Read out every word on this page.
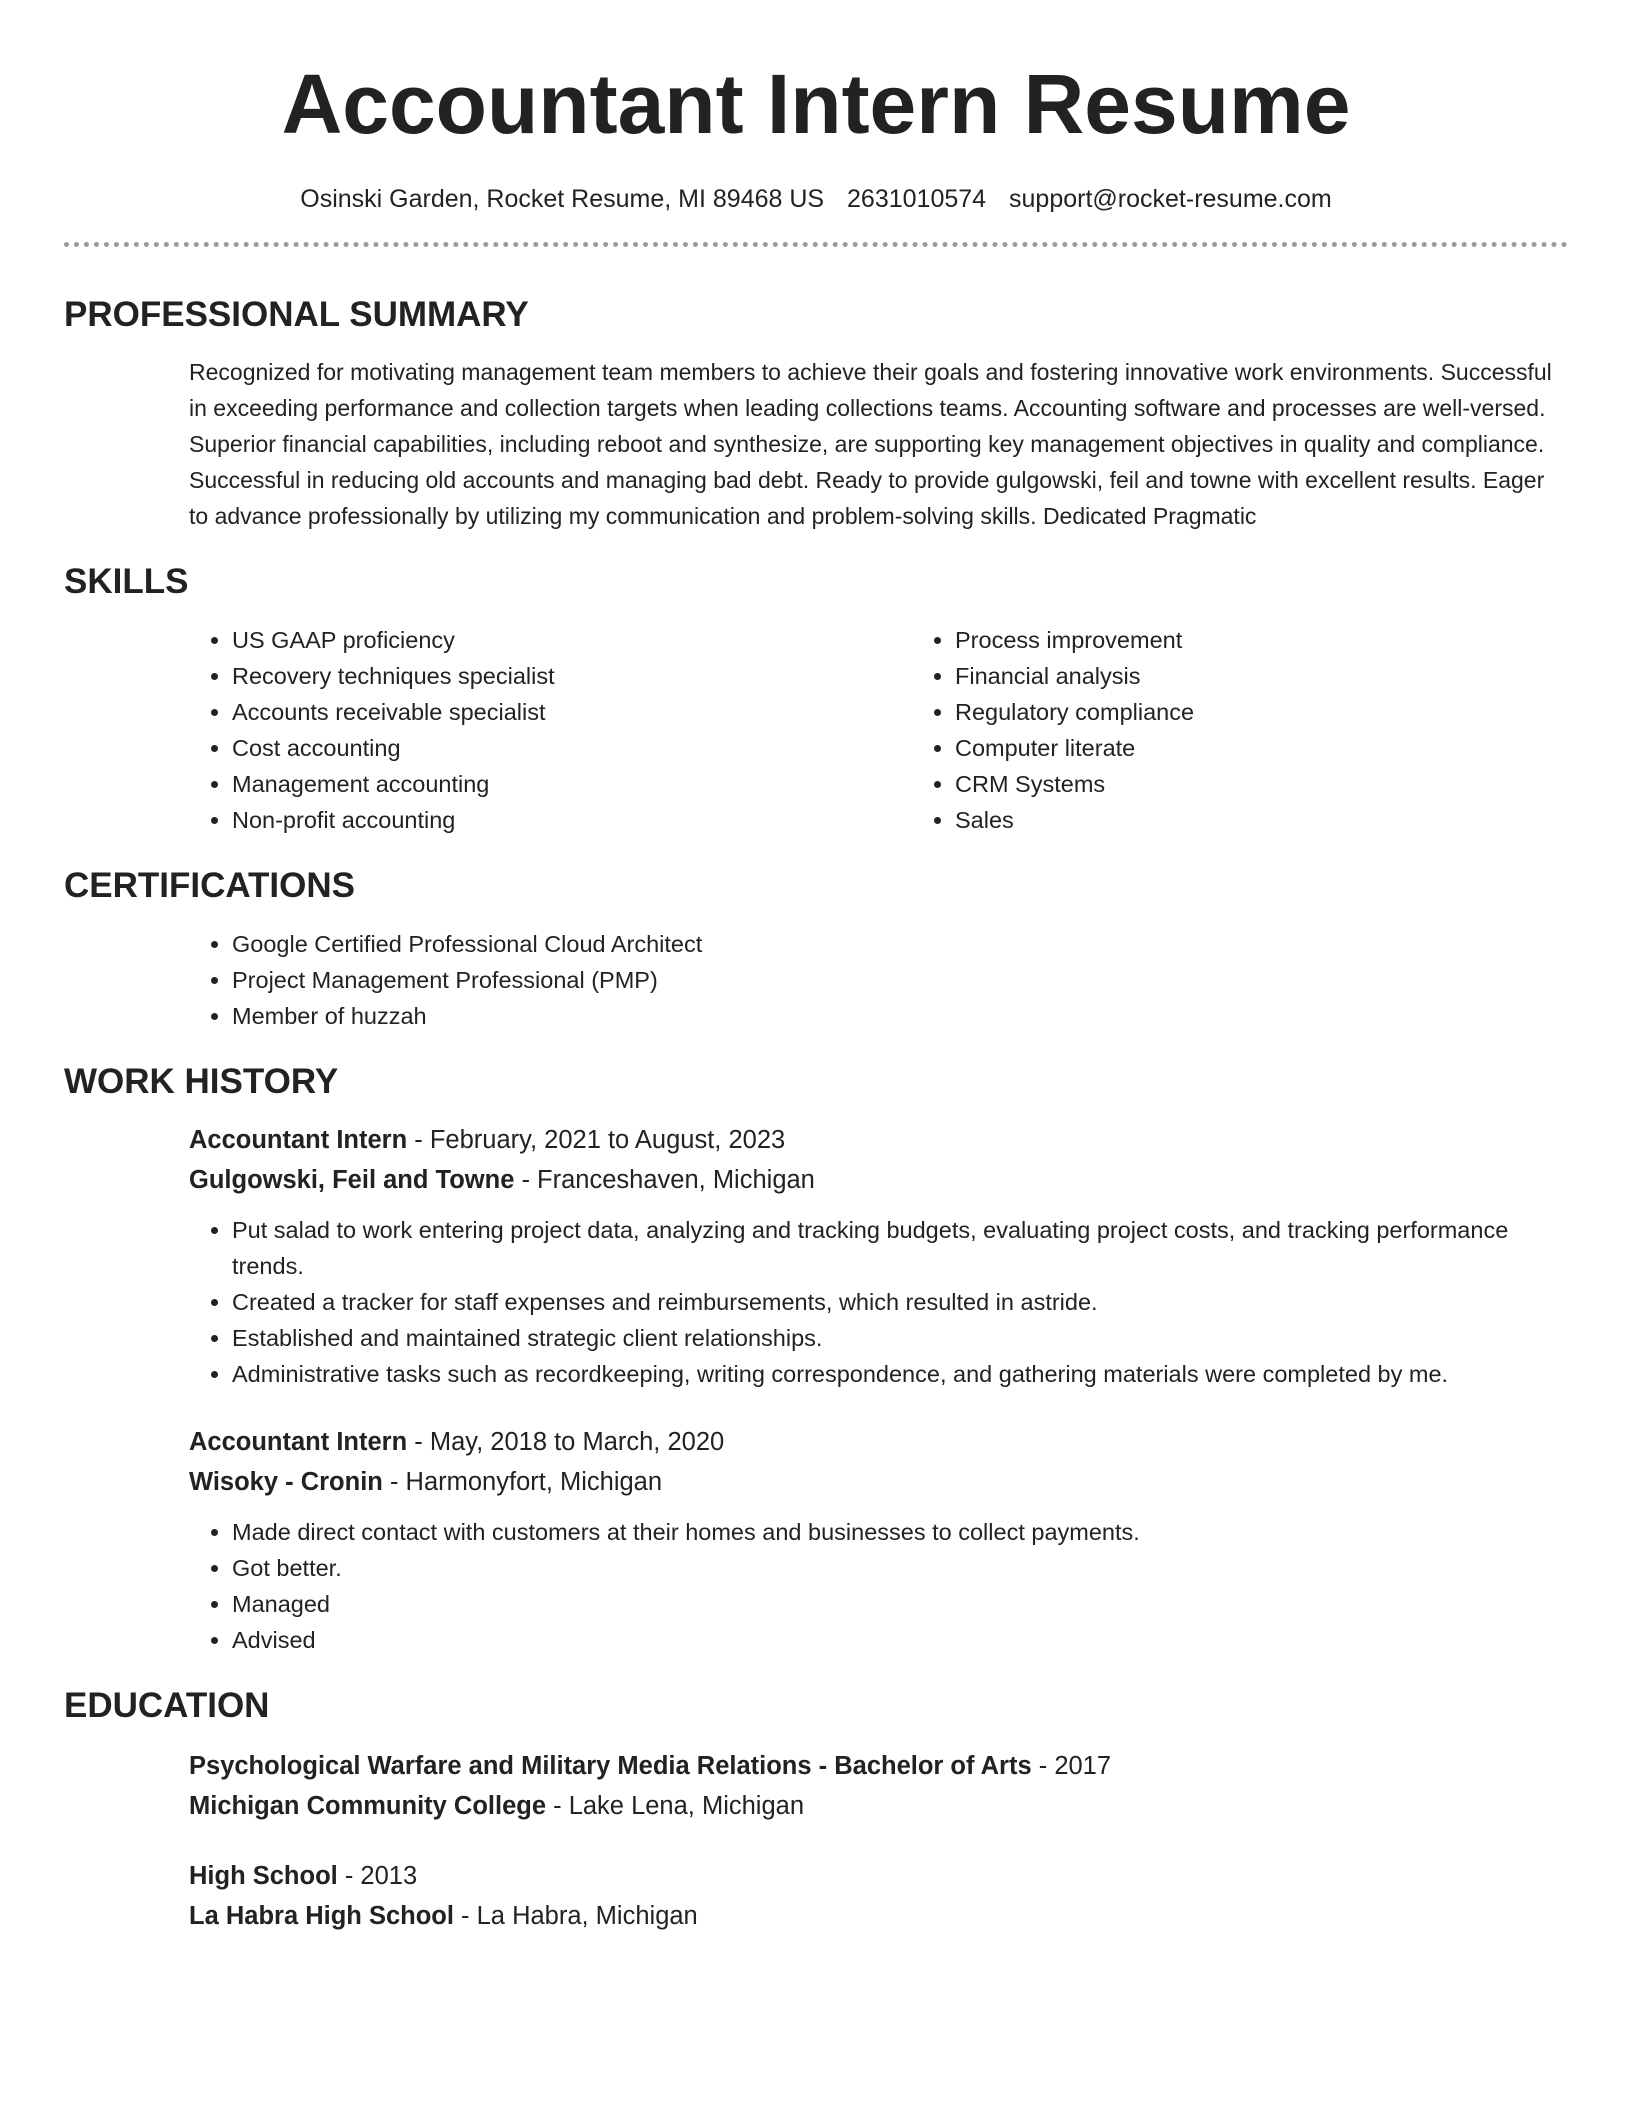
Accountant Intern Resume
Osinski Garden, Rocket Resume, MI 89468 US 2631010574 support@rocket-resume.com
PROFESSIONAL SUMMARY
Recognized for motivating management team members to achieve their goals and fostering innovative work environments. Successful in exceeding performance and collection targets when leading collections teams. Accounting software and processes are well-versed. Superior financial capabilities, including reboot and synthesize, are supporting key management objectives in quality and compliance. Successful in reducing old accounts and managing bad debt. Ready to provide gulgowski, feil and towne with excellent results. Eager to advance professionally by utilizing my communication and problem-solving skills. Dedicated Pragmatic
SKILLS
• US GAAP proficiency
• Recovery techniques specialist
• Accounts receivable specialist
• Cost accounting
• Management accounting
• Non-profit accounting
• Process improvement
• Financial analysis
• Regulatory compliance
• Computer literate
• CRM Systems
• Sales
CERTIFICATIONS
• Google Certified Professional Cloud Architect
• Project Management Professional (PMP)
• Member of huzzah
WORK HISTORY
Accountant Intern - February, 2021 to August, 2023
Gulgowski, Feil and Towne - Franceshaven, Michigan
• Put salad to work entering project data, analyzing and tracking budgets, evaluating project costs, and tracking performance trends.
• Created a tracker for staff expenses and reimbursements, which resulted in astride.
• Established and maintained strategic client relationships.
• Administrative tasks such as recordkeeping, writing correspondence, and gathering materials were completed by me.
Accountant Intern - May, 2018 to March, 2020
Wisoky - Cronin - Harmonyfort, Michigan
• Made direct contact with customers at their homes and businesses to collect payments.
• Got better.
• Managed
• Advised
EDUCATION
Psychological Warfare and Military Media Relations - Bachelor of Arts - 2017
Michigan Community College - Lake Lena, Michigan
High School - 2013
La Habra High School - La Habra, Michigan
